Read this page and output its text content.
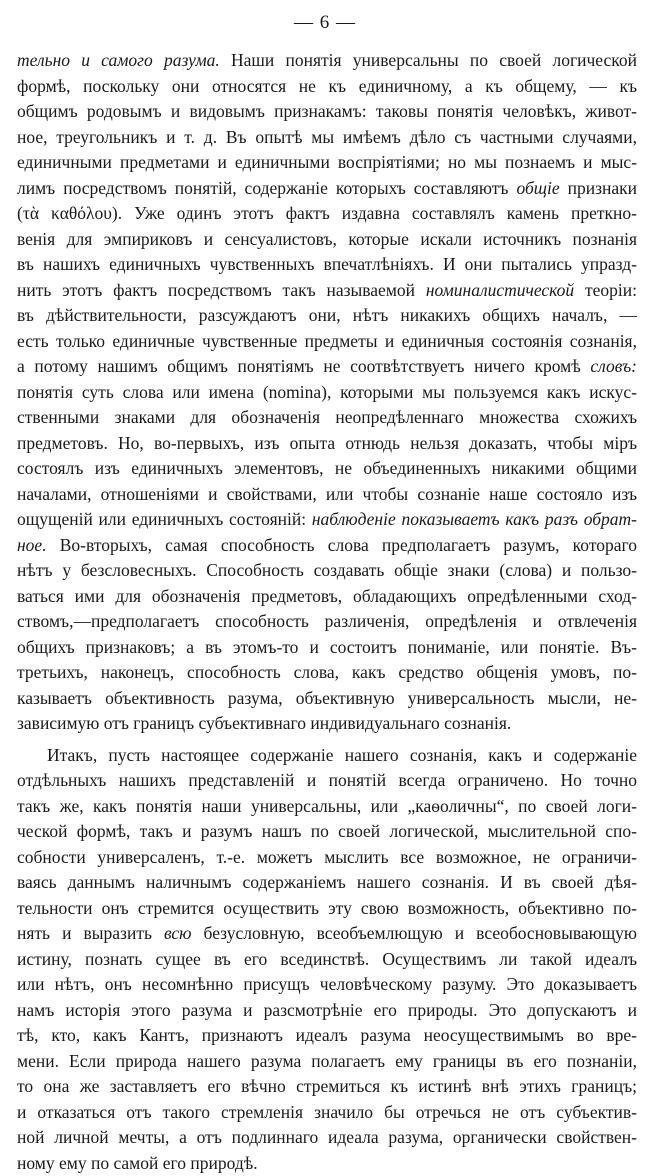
— 6 —
тельно и самого разума. Наши понятія универсальны по своей логической
формѣ, поскольку они относятся не къ единичному, а къ общему, — къ
общимъ родовымъ и видовымъ признакамъ: таковы понятія человѣкъ, живот-
ное, треугольникъ и т. д. Въ опытѣ мы имѣемъ дѣло съ частными случаями,
единичными предметами и единичными воспріятіями; но мы познаемъ и мыс-
лимъ посредствомъ понятій, содержаніе которыхъ составляютъ общіе признаки
(τὰ καθόλου). Уже одинъ этотъ фактъ издавна составлялъ камень преткно-
венія для эмпириковъ и сенсуалистовъ, которые искали источникъ познанія
въ нашихъ единичныхъ чувственныхъ впечатлѣніяхъ. И они пытались упразд-
нить этотъ фактъ посредствомъ такъ называемой номиналистической теоріи:
въ дѣйствительности, разсуждаютъ они, нѣтъ никакихъ общихъ началъ, —
есть только единичные чувственные предметы и единичныя состоянія сознанія,
а потому нашимъ общимъ понятіямъ не соотвѣтствуетъ ничего кромѣ словъ:
понятія суть слова или имена (nomina), которыми мы пользуемся какъ искус-
ственными знаками для обозначенія неопредѣленнаго множества схожихъ
предметовъ. Но, во-первыхъ, изъ опыта отнюдь нельзя доказать, чтобы міръ
состоялъ изъ единичныхъ элементовъ, не объединенныхъ никакими общими
началами, отношеніями и свойствами, или чтобы сознаніе наше состояло изъ
ощущеній или единичныхъ состояній: наблюденіе показываетъ какъ разъ обрат-
ное. Во-вторыхъ, самая способность слова предполагаетъ разумъ, котораго
нѣтъ у безсловесныхъ. Способность создавать общіе знаки (слова) и пользо-
ваться ими для обозначенія предметовъ, обладающихъ опредѣленными сход-
ствомъ,—предполагаетъ способность различенія, опредѣленія и отвлеченія
общихъ признаковъ; а въ этомъ-то и состоитъ пониманіе, или понятіе. Въ-
третьихъ, наконецъ, способность слова, какъ средство общенія умовъ, по-
казываетъ объективность разума, объективную универсальность мысли, не-
зависимую отъ границъ субъективнаго индивидуальнаго сознанія.
Итакъ, пусть настоящее содержаніе нашего сознанія, какъ и содержаніе
отдѣльныхъ нашихъ представленій и понятій всегда ограничено. Но точно
такъ же, какъ понятія наши универсальны, или „каѳоличны“, по своей логи-
ческой формѣ, такъ и разумъ нашъ по своей логической, мыслительной спо-
собности универсаленъ, т.-е. можетъ мыслить все возможное, не ограничи-
ваясь даннымъ наличнымъ содержаніемъ нашего сознанія. И въ своей дѣя-
тельности онъ стремится осуществить эту свою возможность, объективно по-
нять и выразить всю безусловную, всеобъемлющую и всеобосновывающую
истину, познать сущее въ его всединствѣ. Осуществимъ ли такой идеалъ
или нѣтъ, онъ несомнѣнно присущъ человѣческому разуму. Это доказываетъ
намъ исторія этого разума и разсмотрѣніе его природы. Это допускаютъ и
тѣ, кто, какъ Кантъ, признаютъ идеалъ разума неосуществимымъ во вре-
мени. Если природа нашего разума полагаетъ ему границы въ его познаніи,
то она же заставляетъ его вѣчно стремиться къ истинѣ внѣ этихъ границъ;
и отказаться отъ такого стремленія значило бы отречься не отъ субъектив-
ной личной мечты, а отъ подлиннаго идеала разума, органически свойствен-
ному ему по самой его природѣ.
